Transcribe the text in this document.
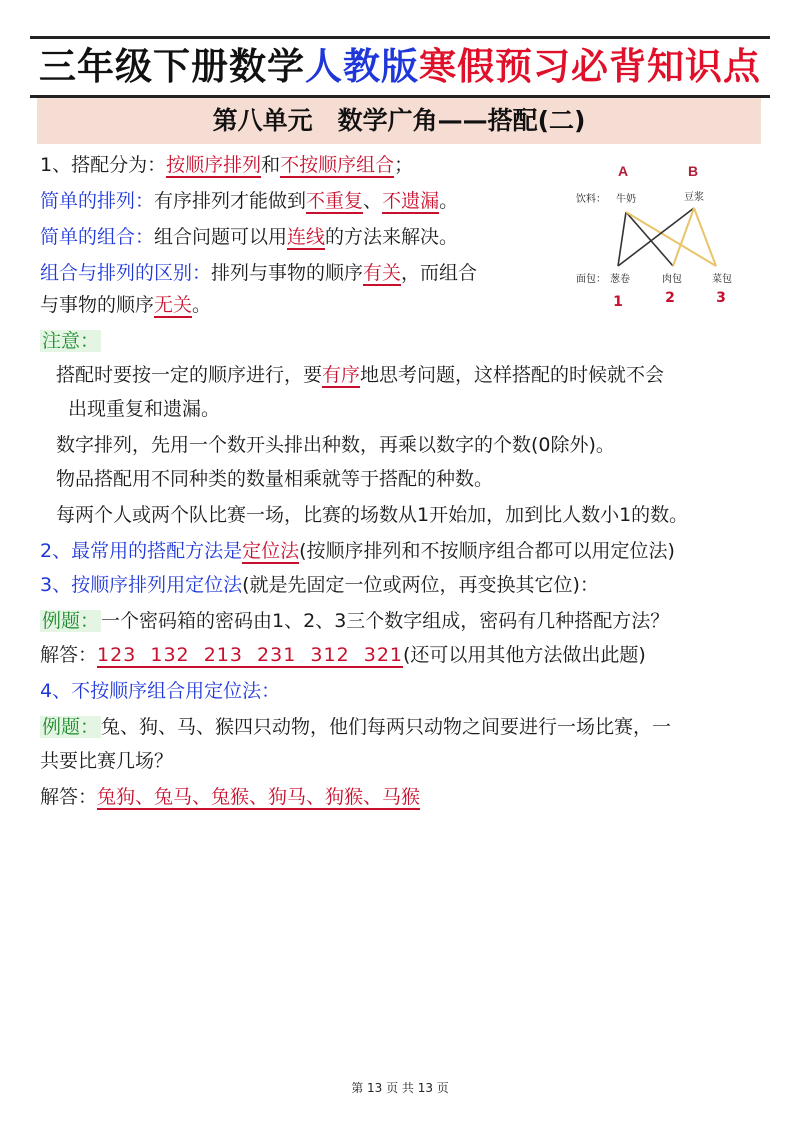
三年级下册数学人教版寒假预习必背知识点
第八单元　数学广角——搭配(二)
1、搭配分为：按顺序排列和不按顺序组合；
简单的排列：有序排列才能做到不重复、不遗漏。
简单的组合：组合问题可以用连线的方法来解决。
组合与排列的区别：排列与事物的顺序有关，而组合
与事物的顺序无关。
A	B
饮料： 牛奶	豆浆
面包： 葱卷	肉包	菜包
1	2	3
注意：
搭配时要按一定的顺序进行，要有序地思考问题，这样搭配的时候就不会
出现重复和遗漏。
数字排列，先用一个数开头排出种数，再乘以数字的个数(0除外)。
物品搭配用不同种类的数量相乘就等于搭配的种数。
每两个人或两个队比赛一场，比赛的场数从1开始加，加到比人数小1的数。
2、最常用的搭配方法是定位法(按顺序排列和不按顺序组合都可以用定位法)
3、按顺序排列用定位法(就是先固定一位或两位，再变换其它位)：
例题： 一个密码箱的密码由1、2、3三个数字组成，密码有几种搭配方法？
解答：123  132  213  231  312  321(还可以用其他方法做出此题)
4、不按顺序组合用定位法：
例题： 兔、狗、马、猴四只动物，他们每两只动物之间要进行一场比赛，一
共要比赛几场？
解答：兔狗、兔马、兔猴、狗马、狗猴、马猴
第 13 页 共 13 页
